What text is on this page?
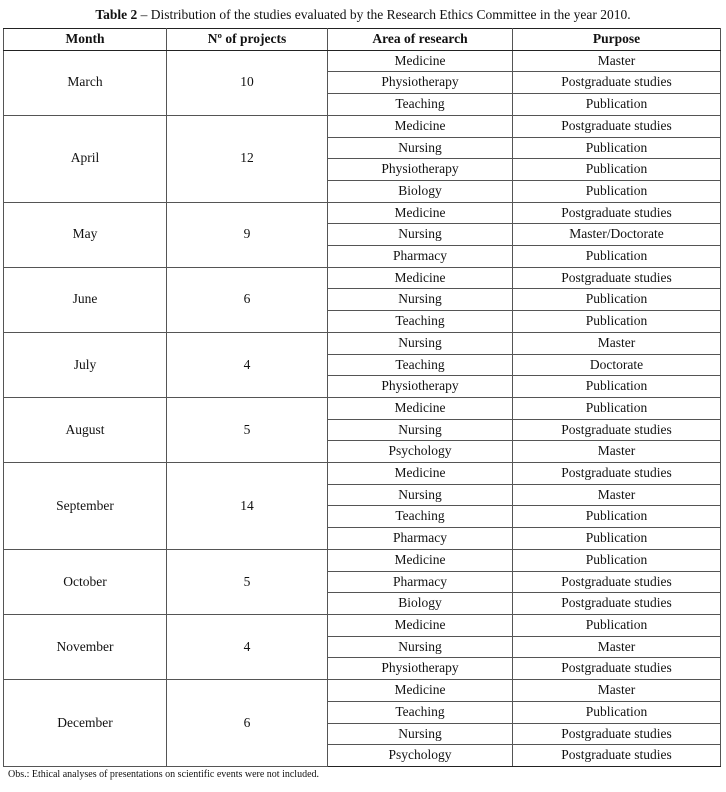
Table 2 – Distribution of the studies evaluated by the Research Ethics Committee in the year 2010.
Month	Nº of projects	Area of research	Purpose
March	10	Medicine	Master
		Physiotherapy	Postgraduate studies
		Teaching	Publication
April	12	Medicine	Postgraduate studies
		Nursing	Publication
		Physiotherapy	Publication
		Biology	Publication
May	9	Medicine	Postgraduate studies
		Nursing	Master/Doctorate
		Pharmacy	Publication
June	6	Medicine	Postgraduate studies
		Nursing	Publication
		Teaching	Publication
July	4	Nursing	Master
		Teaching	Doctorate
		Physiotherapy	Publication
August	5	Medicine	Publication
		Nursing	Postgraduate studies
		Psychology	Master
September	14	Medicine	Postgraduate studies
		Nursing	Master
		Teaching	Publication
		Pharmacy	Publication
October	5	Medicine	Publication
		Pharmacy	Postgraduate studies
		Biology	Postgraduate studies
November	4	Medicine	Publication
		Nursing	Master
		Physiotherapy	Postgraduate studies
December	6	Medicine	Master
		Teaching	Publication
		Nursing	Postgraduate studies
		Psychology	Postgraduate studies
Obs.: Ethical analyses of presentations on scientific events were not included.
